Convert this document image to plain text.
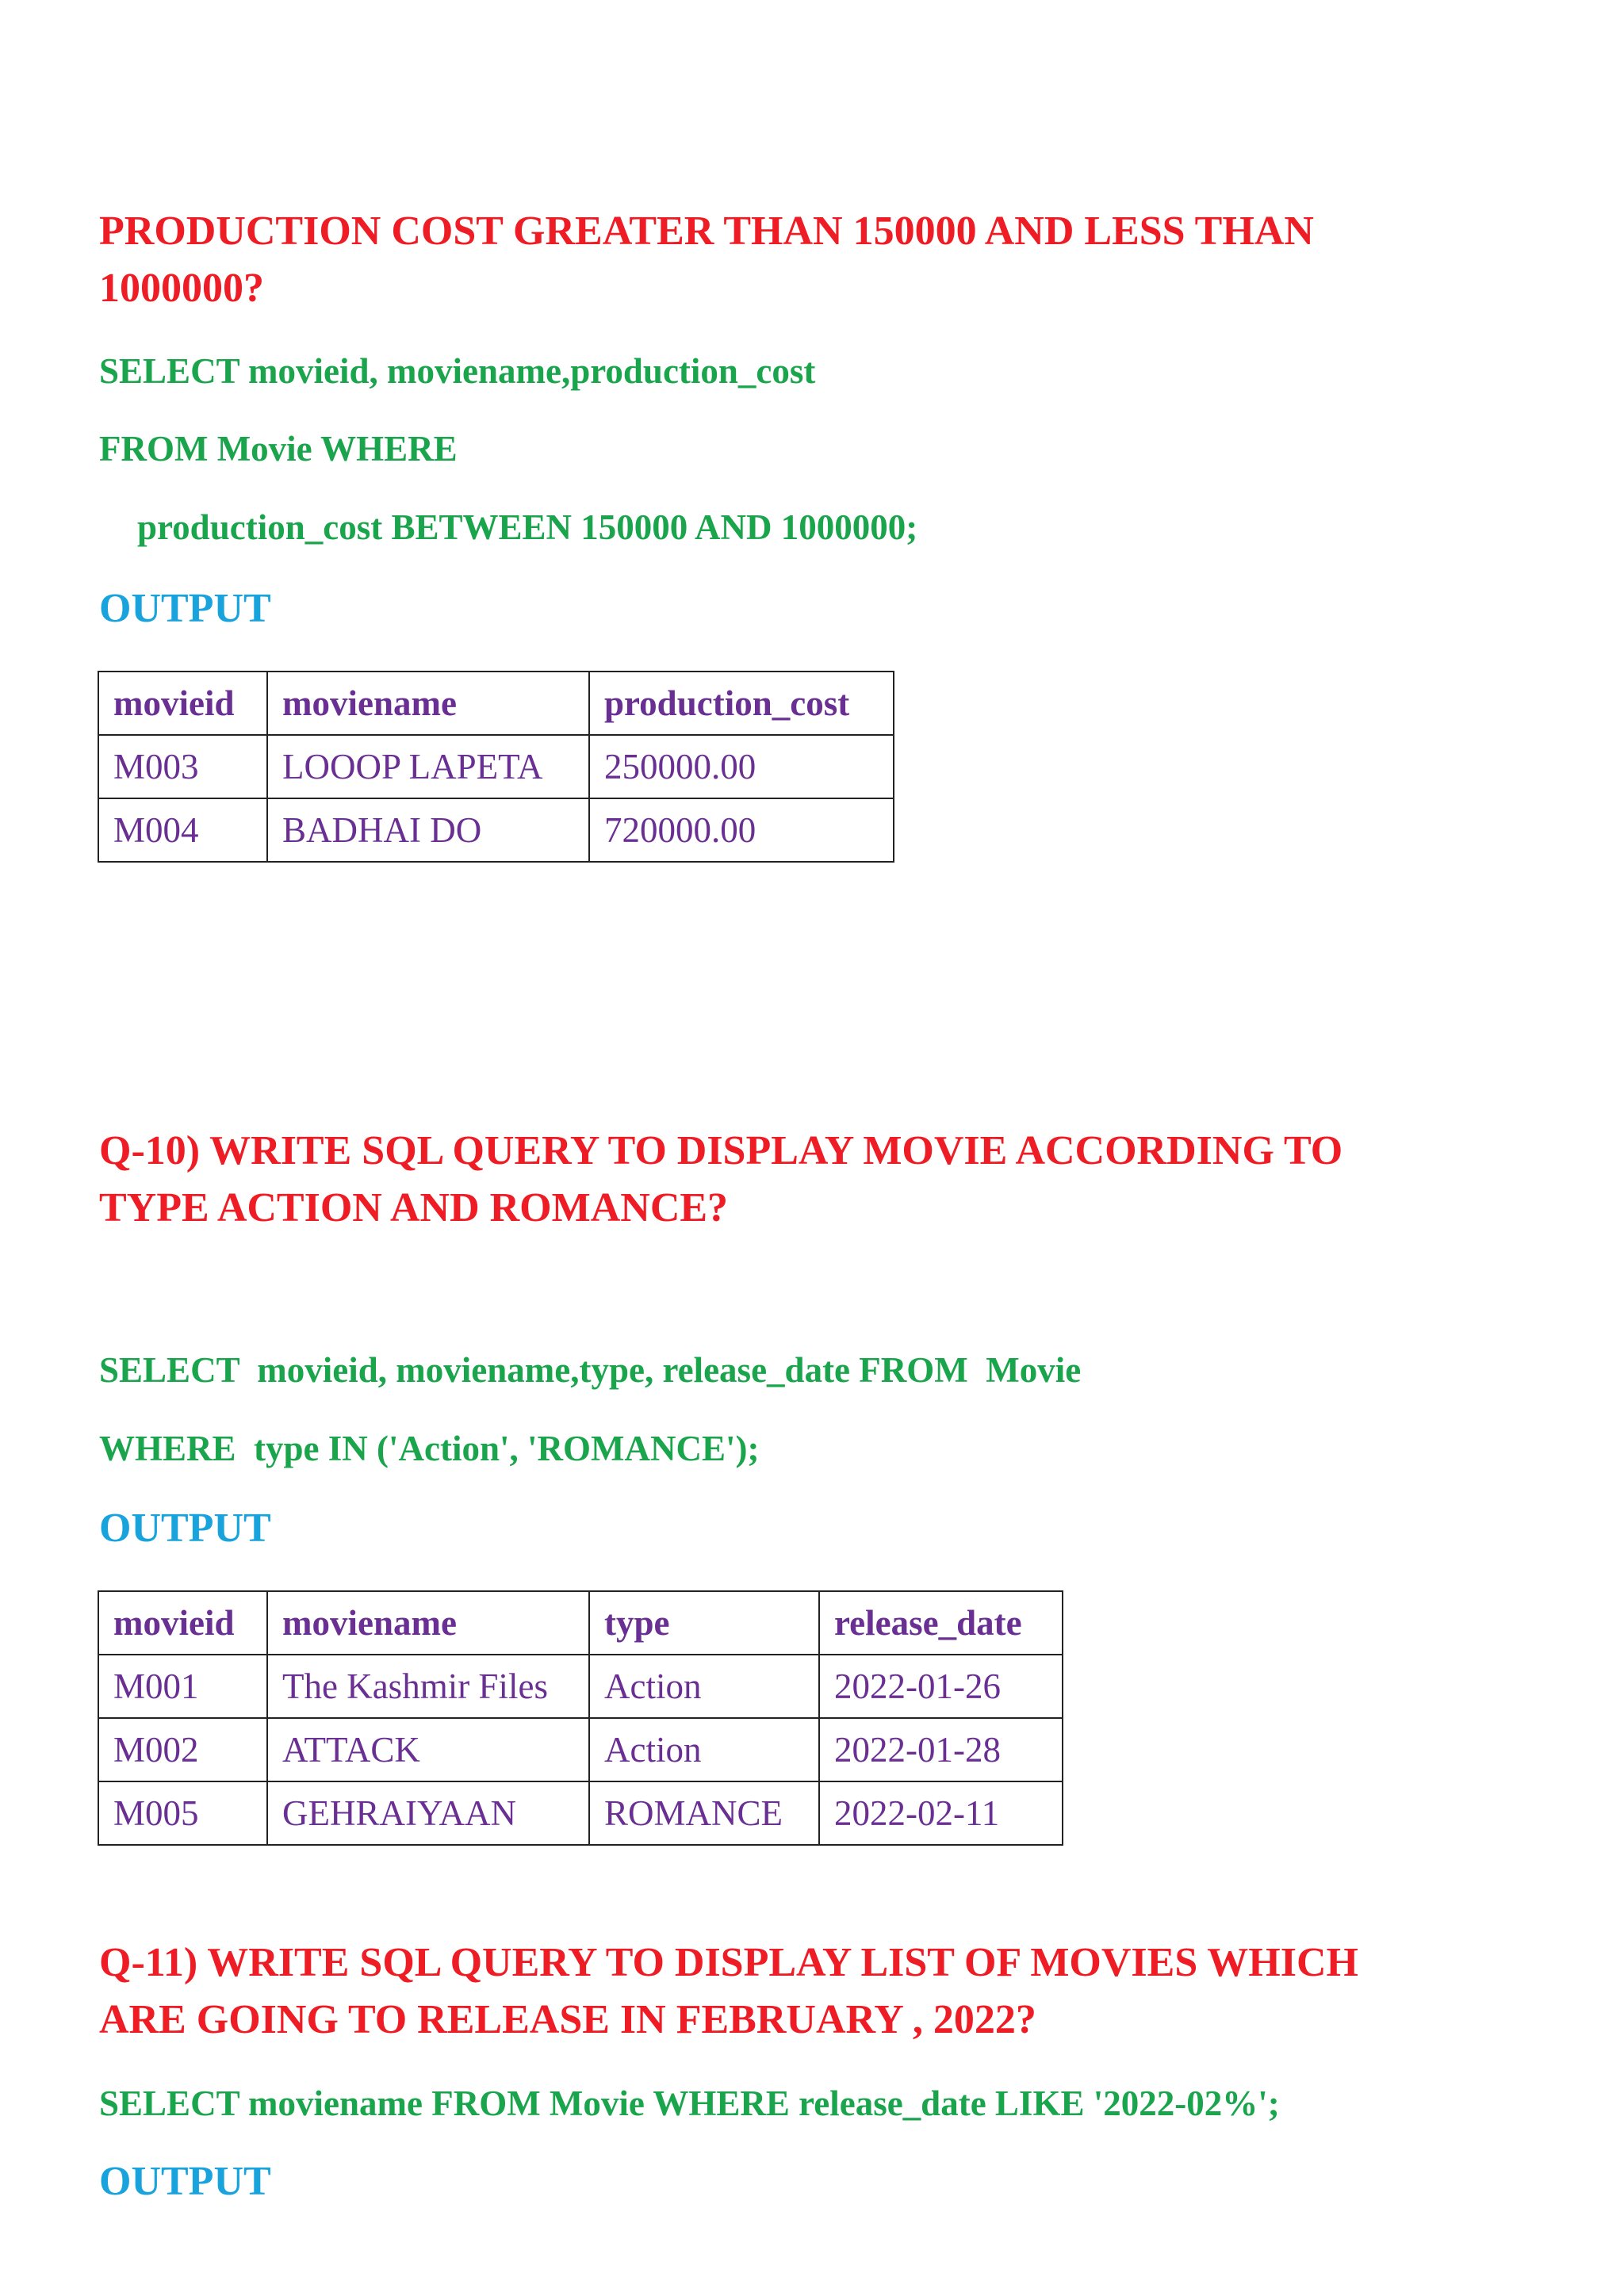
PRODUCTION COST GREATER THAN 150000 AND LESS THAN
1000000?

SELECT movieid, moviename,production_cost

FROM Movie WHERE

production_cost BETWEEN 150000 AND 1000000;

OUTPUT

movieid	moviename	production_cost
M003	LOOOP LAPETA	250000.00
M004	BADHAI DO	720000.00

Q-10) WRITE SQL QUERY TO DISPLAY MOVIE ACCORDING TO
TYPE ACTION AND ROMANCE?

SELECT  movieid, moviename,type, release_date FROM  Movie

WHERE  type IN ('Action', 'ROMANCE');

OUTPUT

movieid	moviename	type	release_date
M001	The Kashmir Files	Action	2022-01-26
M002	ATTACK	Action	2022-01-28
M005	GEHRAIYAAN	ROMANCE	2022-02-11

Q-11) WRITE SQL QUERY TO DISPLAY LIST OF MOVIES WHICH
ARE GOING TO RELEASE IN FEBRUARY , 2022?

SELECT moviename FROM Movie WHERE release_date LIKE '2022-02%';

OUTPUT
